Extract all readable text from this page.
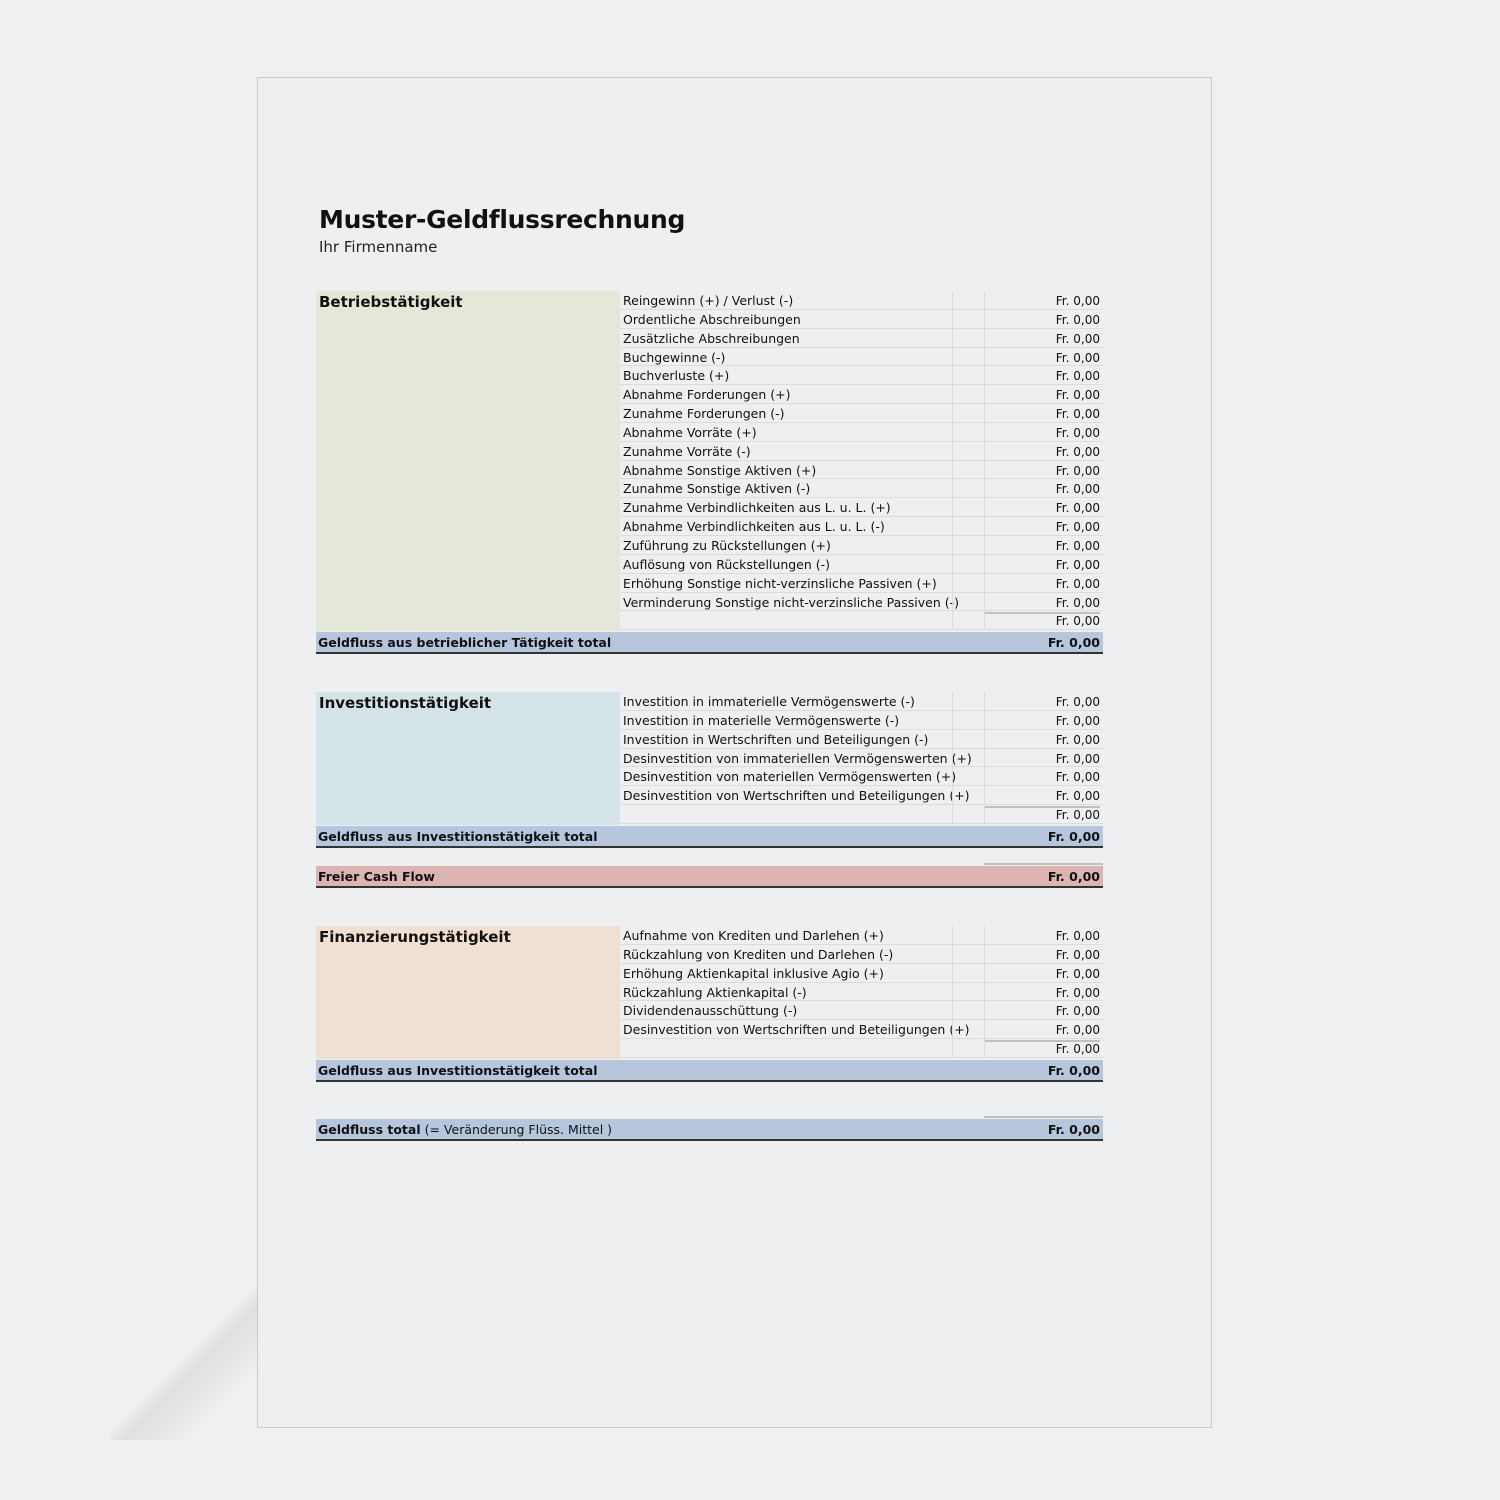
Muster-Geldflussrechnung
Ihr Firmenname
Betriebstätigkeit	Reingewinn (+) / Verlust (-)	Fr. 0,00
Ordentliche Abschreibungen	Fr. 0,00
Zusätzliche Abschreibungen	Fr. 0,00
Buchgewinne (-)	Fr. 0,00
Buchverluste (+)	Fr. 0,00
Abnahme Forderungen (+)	Fr. 0,00
Zunahme Forderungen (-)	Fr. 0,00
Abnahme Vorräte (+)	Fr. 0,00
Zunahme Vorräte (-)	Fr. 0,00
Abnahme Sonstige Aktiven (+)	Fr. 0,00
Zunahme Sonstige Aktiven (-)	Fr. 0,00
Zunahme Verbindlichkeiten aus L. u. L. (+)	Fr. 0,00
Abnahme Verbindlichkeiten aus L. u. L. (-)	Fr. 0,00
Zuführung zu Rückstellungen (+)	Fr. 0,00
Auflösung von Rückstellungen (-)	Fr. 0,00
Erhöhung Sonstige nicht-verzinsliche Passiven (+)	Fr. 0,00
Verminderung Sonstige nicht-verzinsliche Passiven (-)	Fr. 0,00
Fr. 0,00
Geldfluss aus betrieblicher Tätigkeit total	Fr. 0,00
Investitionstätigkeit	Investition in immaterielle Vermögenswerte (-)	Fr. 0,00
Investition in materielle Vermögenswerte (-)	Fr. 0,00
Investition in Wertschriften und Beteiligungen (-)	Fr. 0,00
Desinvestition von immateriellen Vermögenswerten (+)	Fr. 0,00
Desinvestition von materiellen Vermögenswerten (+)	Fr. 0,00
Desinvestition von Wertschriften und Beteiligungen (+)	Fr. 0,00
Fr. 0,00
Geldfluss aus Investitionstätigkeit total	Fr. 0,00
Freier Cash Flow	Fr. 0,00
Finanzierungstätigkeit	Aufnahme von Krediten und Darlehen (+)	Fr. 0,00
Rückzahlung von Krediten und Darlehen (-)	Fr. 0,00
Erhöhung Aktienkapital inklusive Agio (+)	Fr. 0,00
Rückzahlung Aktienkapital (-)	Fr. 0,00
Dividendenausschüttung (-)	Fr. 0,00
Desinvestition von Wertschriften und Beteiligungen (+)	Fr. 0,00
Fr. 0,00
Geldfluss aus Investitionstätigkeit total	Fr. 0,00
Geldfluss total (= Veränderung Flüss. Mittel )	Fr. 0,00
